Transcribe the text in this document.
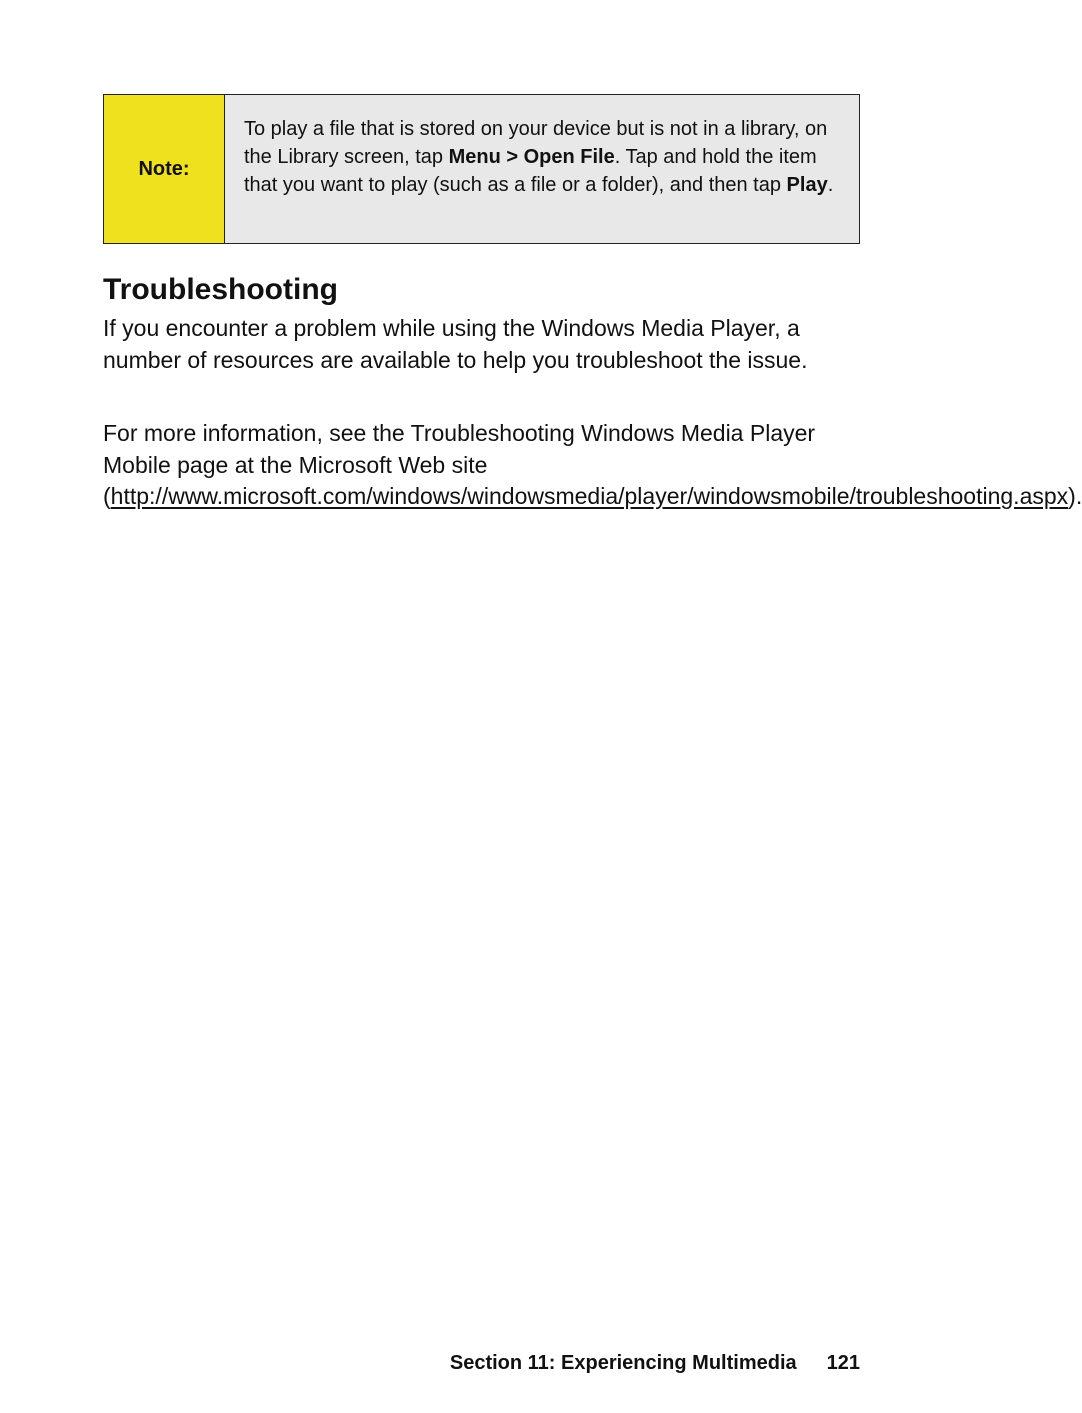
Note:
To play a file that is stored on your device but is not in a library, on the Library screen, tap Menu > Open File. Tap and hold the item that you want to play (such as a file or a folder), and then tap Play.
Troubleshooting

If you encounter a problem while using the Windows Media Player, a number of resources are available to help you troubleshoot the issue.

For more information, see the Troubleshooting Windows Media Player Mobile page at the Microsoft Web site (http://www.microsoft.com/windows/windowsmedia/player/windowsmobile/troubleshooting.aspx).

Section 11: Experiencing Multimedia 121
